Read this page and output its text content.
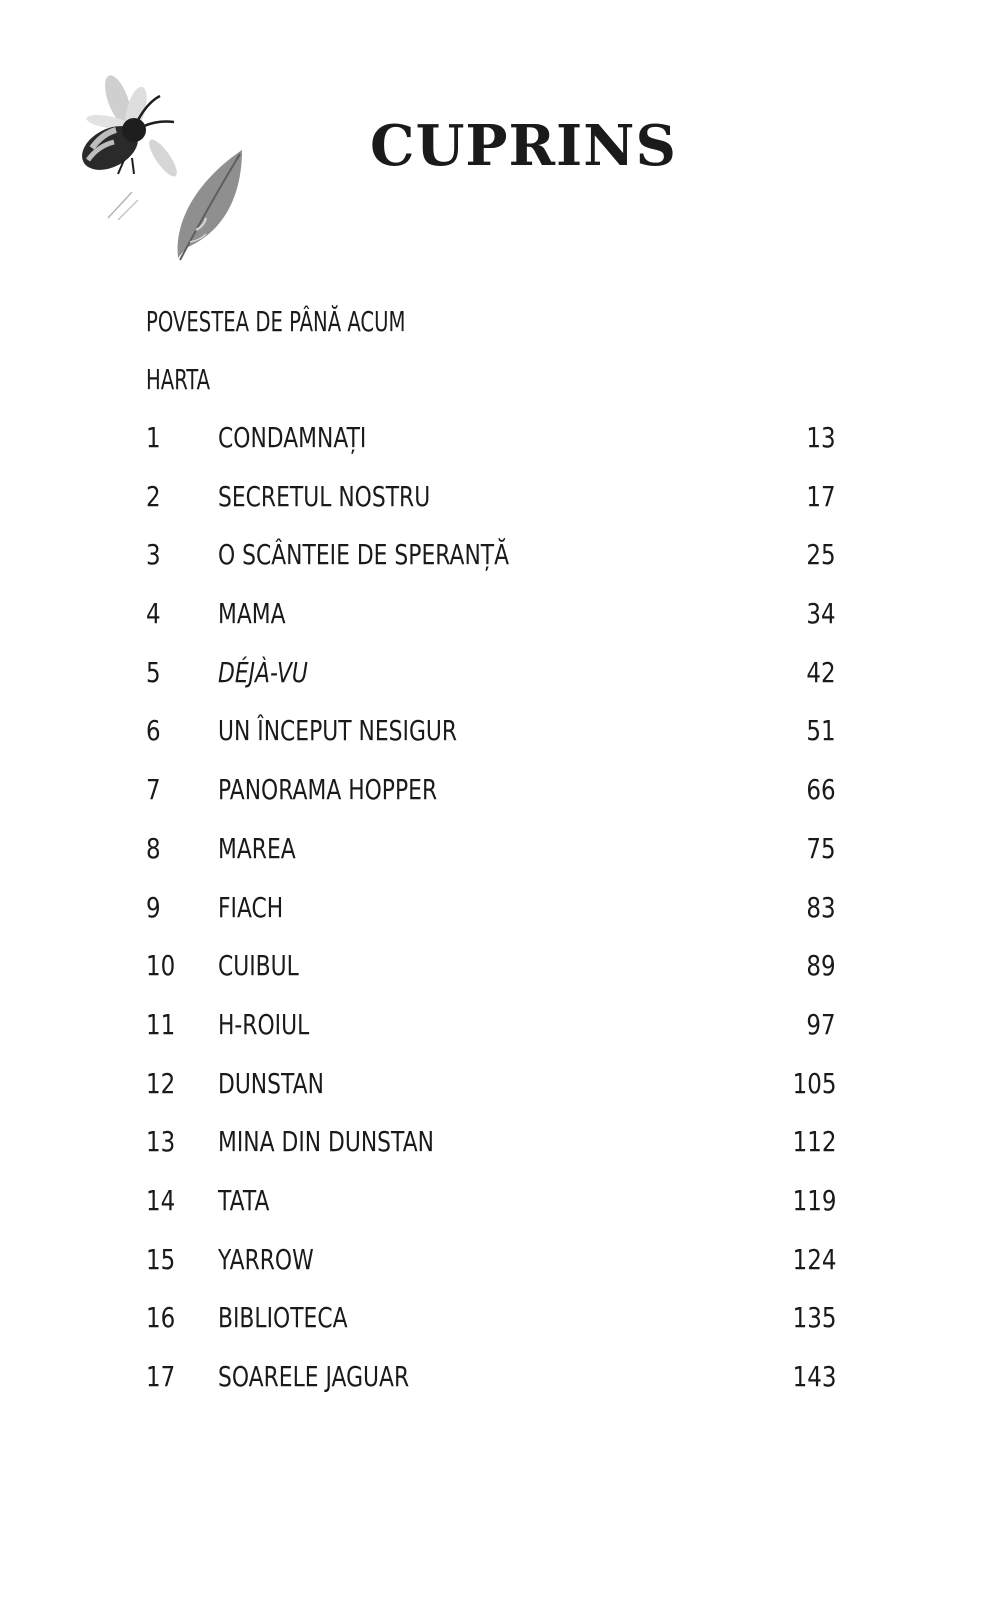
CUPRINS
POVESTEA DE PÂNĂ ACUM
HARTA
1 CONDAMNAȚI	13
2 SECRETUL NOSTRU	17
3 O SCÂNTEIE DE SPERANȚĂ	25
4 MAMA	34
5 DÉJÀ-VU	42
6 UN ÎNCEPUT NESIGUR	51
7 PANORAMA HOPPER	66
8 MAREA	75
9 FIACH	83
10 CUIBUL	89
11 H-ROIUL	97
12 DUNSTAN	105
13 MINA DIN DUNSTAN	112
14 TATA	119
15 YARROW	124
16 BIBLIOTECA	135
17 SOARELE JAGUAR	143
